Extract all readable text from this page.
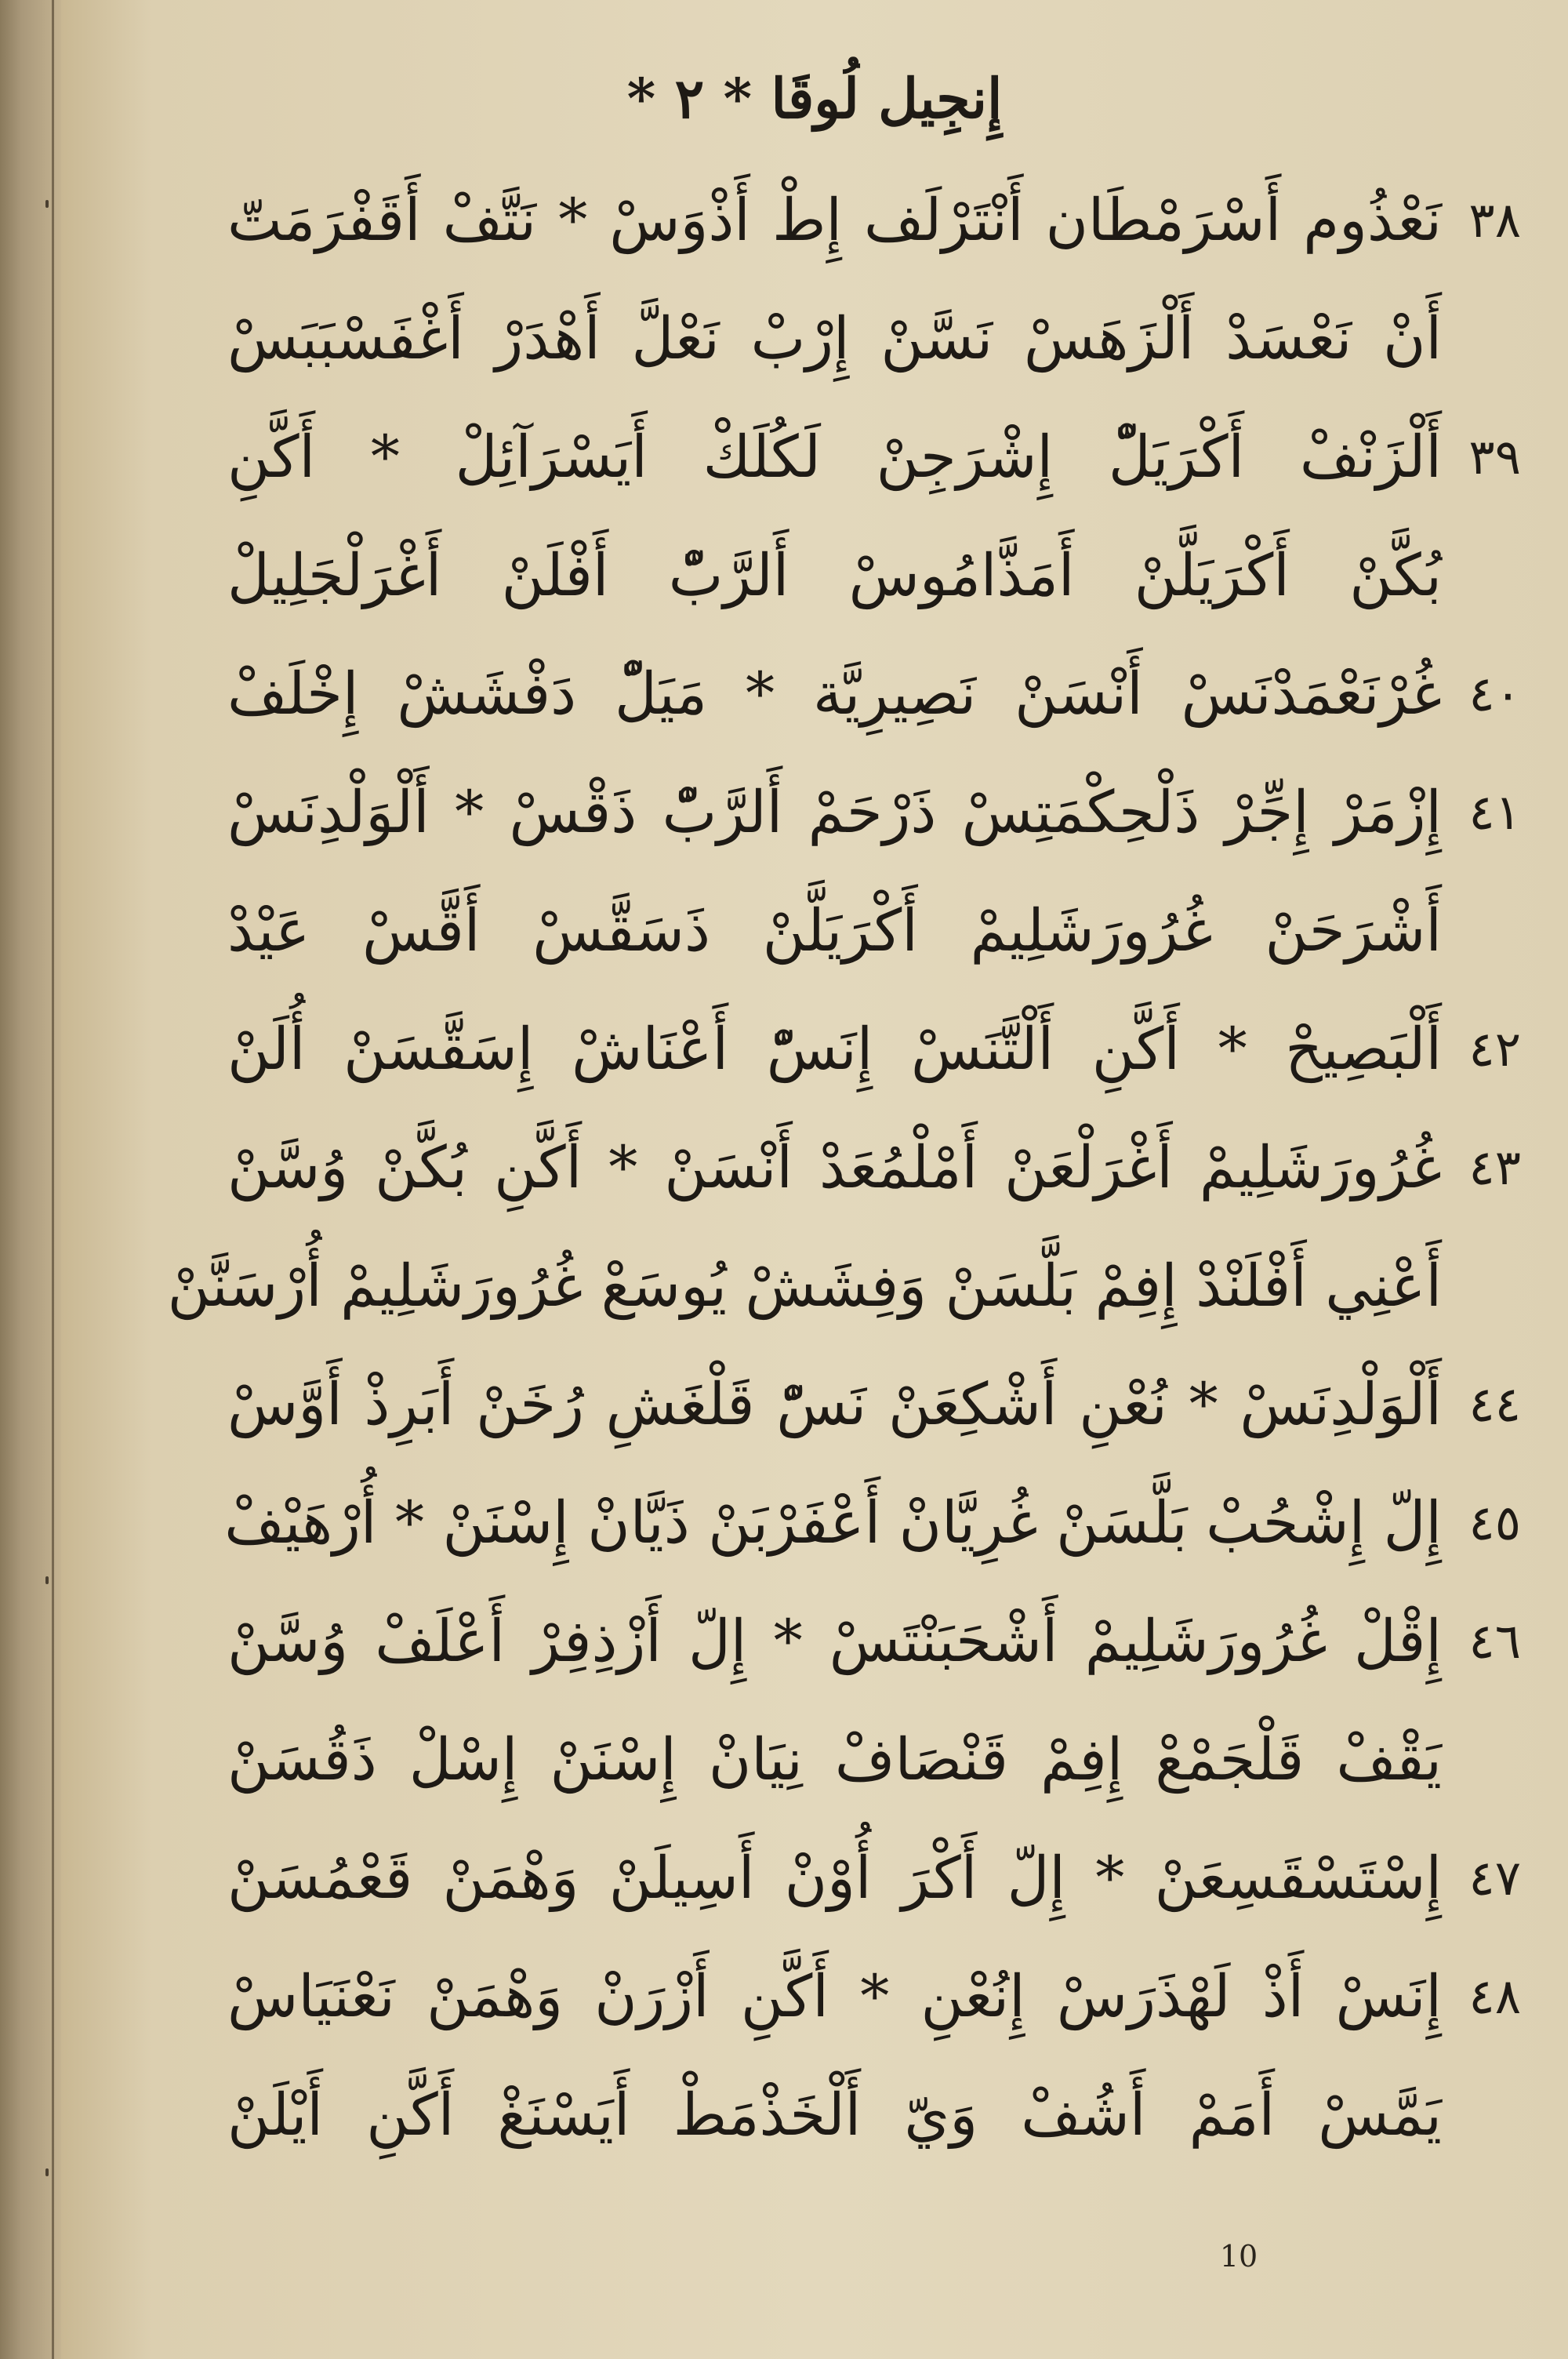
إِنجِيل لُوقَا * ٢ *
٣٨
نَعْذُوم أَسْرَمْطَان أَنْتَرْلَف إِطْ أَذْوَسْ * نَتَّفْ أَقَفْرَمَتّ
أَنْ نَعْسَدْ أَلْزَهَسْ نَسَّنْ إِرْبْ نَعْلَّ أَهْدَرْ أَغْفَسْبَبَسْ
٣٩
أَلْزَنْفْ أَكْرَيَلّْ إِشْرَجِنْ لَكُلَكْ أَيَسْرَآئِلْ * أَكَّنِ
بُكَّنْ أَكْرَيَلَّنْ أَمَذَّامُوسْ أَلرَّبّْ أَفْلَنْ أَغْرَلْجَلِيلْ
٤٠
غُرْنَعْمَدْنَسْ أَنْسَنْ نَصِيرِيَّة * مَيَلّْ دَفْشَشْ إِخْلَفْ
٤١
إِزْمَرْ إِجِّرْ ذَلْحِكْمَتِسْ ذَرْحَمْ أَلرَّبّْ ذَقْسْ * أَلْوَلْدِنَسْ
أَشْرَحَنْ غُرُورَشَلِيمْ أَكْرَيَلَّنْ ذَسَقَّسْ أَقَّسْ عَيْدْ
٤٢
أَلْبَصِيحْ * أَكَّنِ أَلْتَّنَسْ إِنَسّْ أَعْنَاشْ إِسَقَّسَنْ أُلَنْ
٤٣
غُرُورَشَلِيمْ أَغْرَلْعَنْ أَمْلْمُعَدْ أَنْسَنْ * أَكَّنِ بُكَّنْ وُسَّنْ
أَعْنِي أَفْلَنْدْ إِفِمْ بَلَّسَنْ وَفِشَشْ يُوسَعْ غُرُورَشَلِيمْ أُرْسَنَّنْ
٤٤
أَلْوَلْدِنَسْ * نُعْنِ أَشْكِعَنْ نَسّْ قَلْغَشِ رُخَنْ أَبَرِذْ أَوَّسْ
٤٥
إِلّ إِشْحُبْ بَلَّسَنْ غُرِيَّانْ أَعْفَرْبَنْ ذَيَّانْ إِسْنَنْ * أُرْهَيْفْ
٤٦
إِقْلْ غُرُورَشَلِيمْ أَشْحَبَنْتَسْ * إِلّ أَزْذِفِرْ أَعْلَفْ وُسَّنْ
يَقْفْ قَلْجَمْعْ إِفِمْ قَنْصَافْ نِيَانْ إِسْنَنْ إِسْلْ ذَقُسَنْ
٤٧
إِسْتَسْقَسِعَنْ * إِلّ أَكْرَ أُوْنْ أَسِيلَنْ وَهْمَنْ قَعْمُسَنْ
٤٨
إِنَسْ أَذْ لَهْذَرَسْ إِنُعْنِ * أَكَّنِ أَزْرَنْ وَهْمَنْ نَعْنَيَاسْ
يَمَّسْ أَمَمْ أَشُفْ وَيّ أَلْخَذْمَطْ أَيَسْنَغْ أَكَّنِ أَيْلَنْ
10
